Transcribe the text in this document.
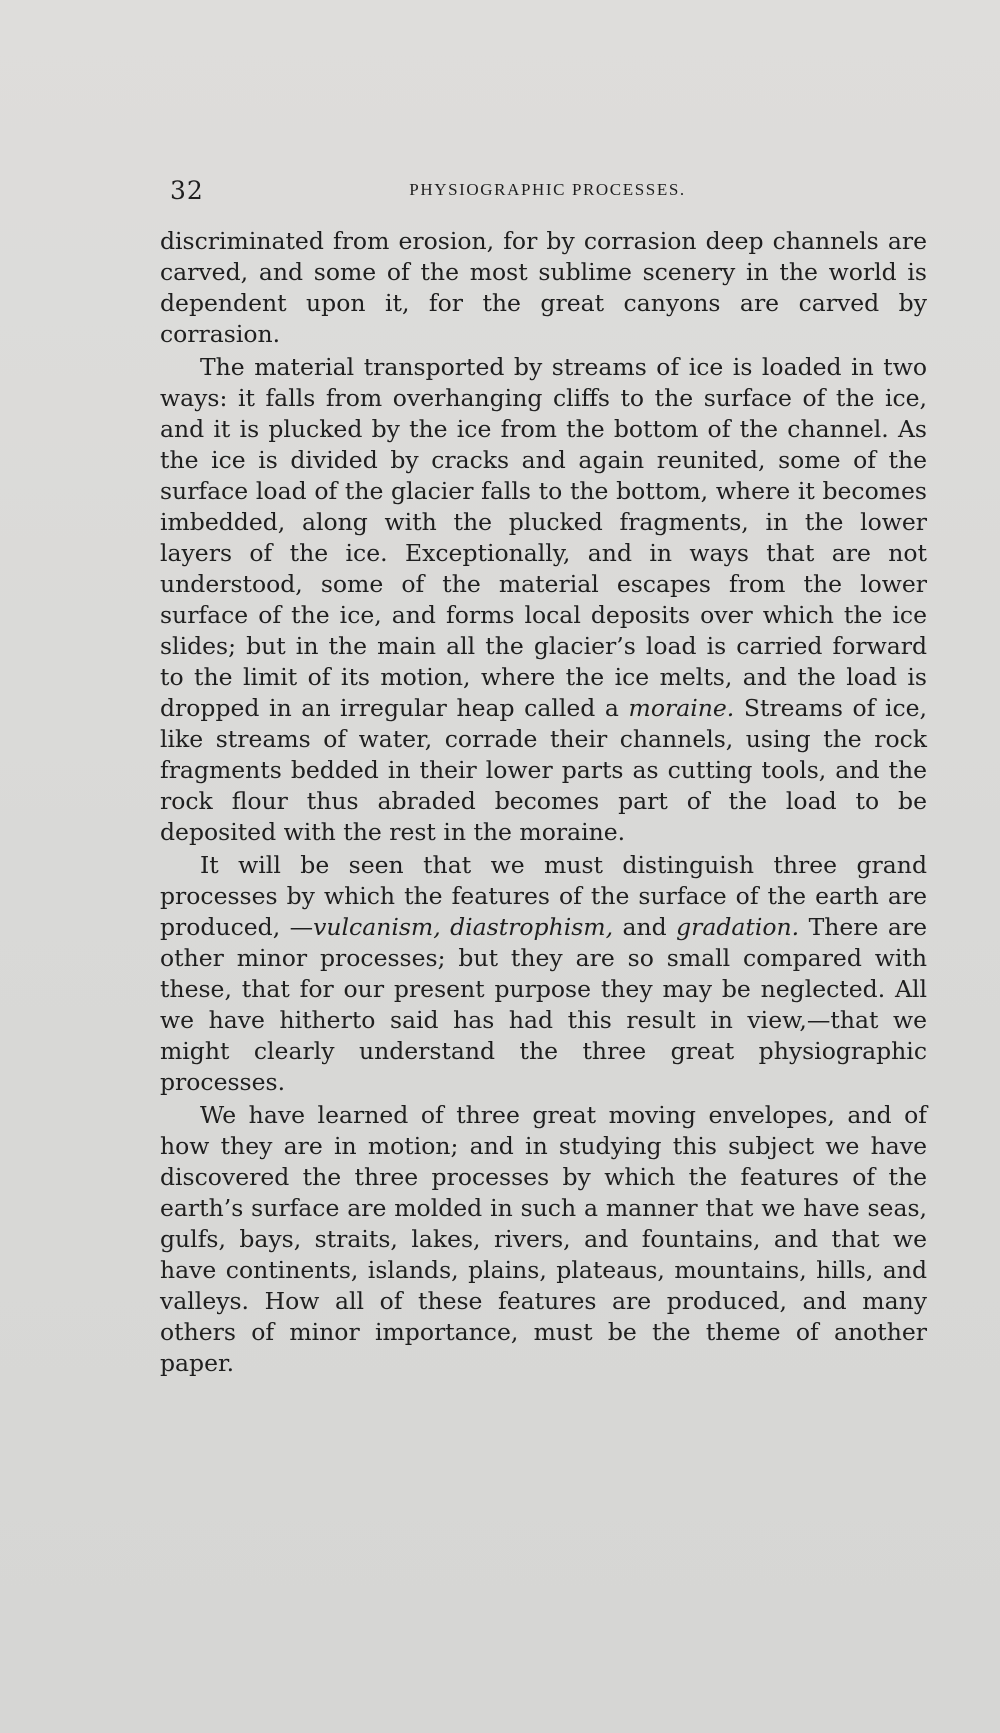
32	PHYSIOGRAPHIC PROCESSES.

discriminated from erosion, for by corrasion deep channels are carved, and some of the most sublime scenery in the world is dependent upon it, for the great canyons are carved by corrasion.

The material transported by streams of ice is loaded in two ways: it falls from overhanging cliffs to the surface of the ice, and it is plucked by the ice from the bottom of the channel. As the ice is divided by cracks and again reunited, some of the surface load of the glacier falls to the bottom, where it becomes imbedded, along with the plucked fragments, in the lower layers of the ice. Exceptionally, and in ways that are not understood, some of the material escapes from the lower surface of the ice, and forms local deposits over which the ice slides; but in the main all the glacier’s load is carried forward to the limit of its motion, where the ice melts, and the load is dropped in an irregular heap called a moraine. Streams of ice, like streams of water, corrade their channels, using the rock fragments bedded in their lower parts as cutting tools, and the rock flour thus abraded becomes part of the load to be deposited with the rest in the moraine.

It will be seen that we must distinguish three grand processes by which the features of the surface of the earth are produced, —vulcanism, diastrophism, and gradation. There are other minor processes; but they are so small compared with these, that for our present purpose they may be neglected. All we have hitherto said has had this result in view,—that we might clearly understand the three great physiographic processes.

We have learned of three great moving envelopes, and of how they are in motion; and in studying this subject we have discovered the three processes by which the features of the earth’s surface are molded in such a manner that we have seas, gulfs, bays, straits, lakes, rivers, and fountains, and that we have continents, islands, plains, plateaus, mountains, hills, and valleys. How all of these features are produced, and many others of minor importance, must be the theme of another paper.
